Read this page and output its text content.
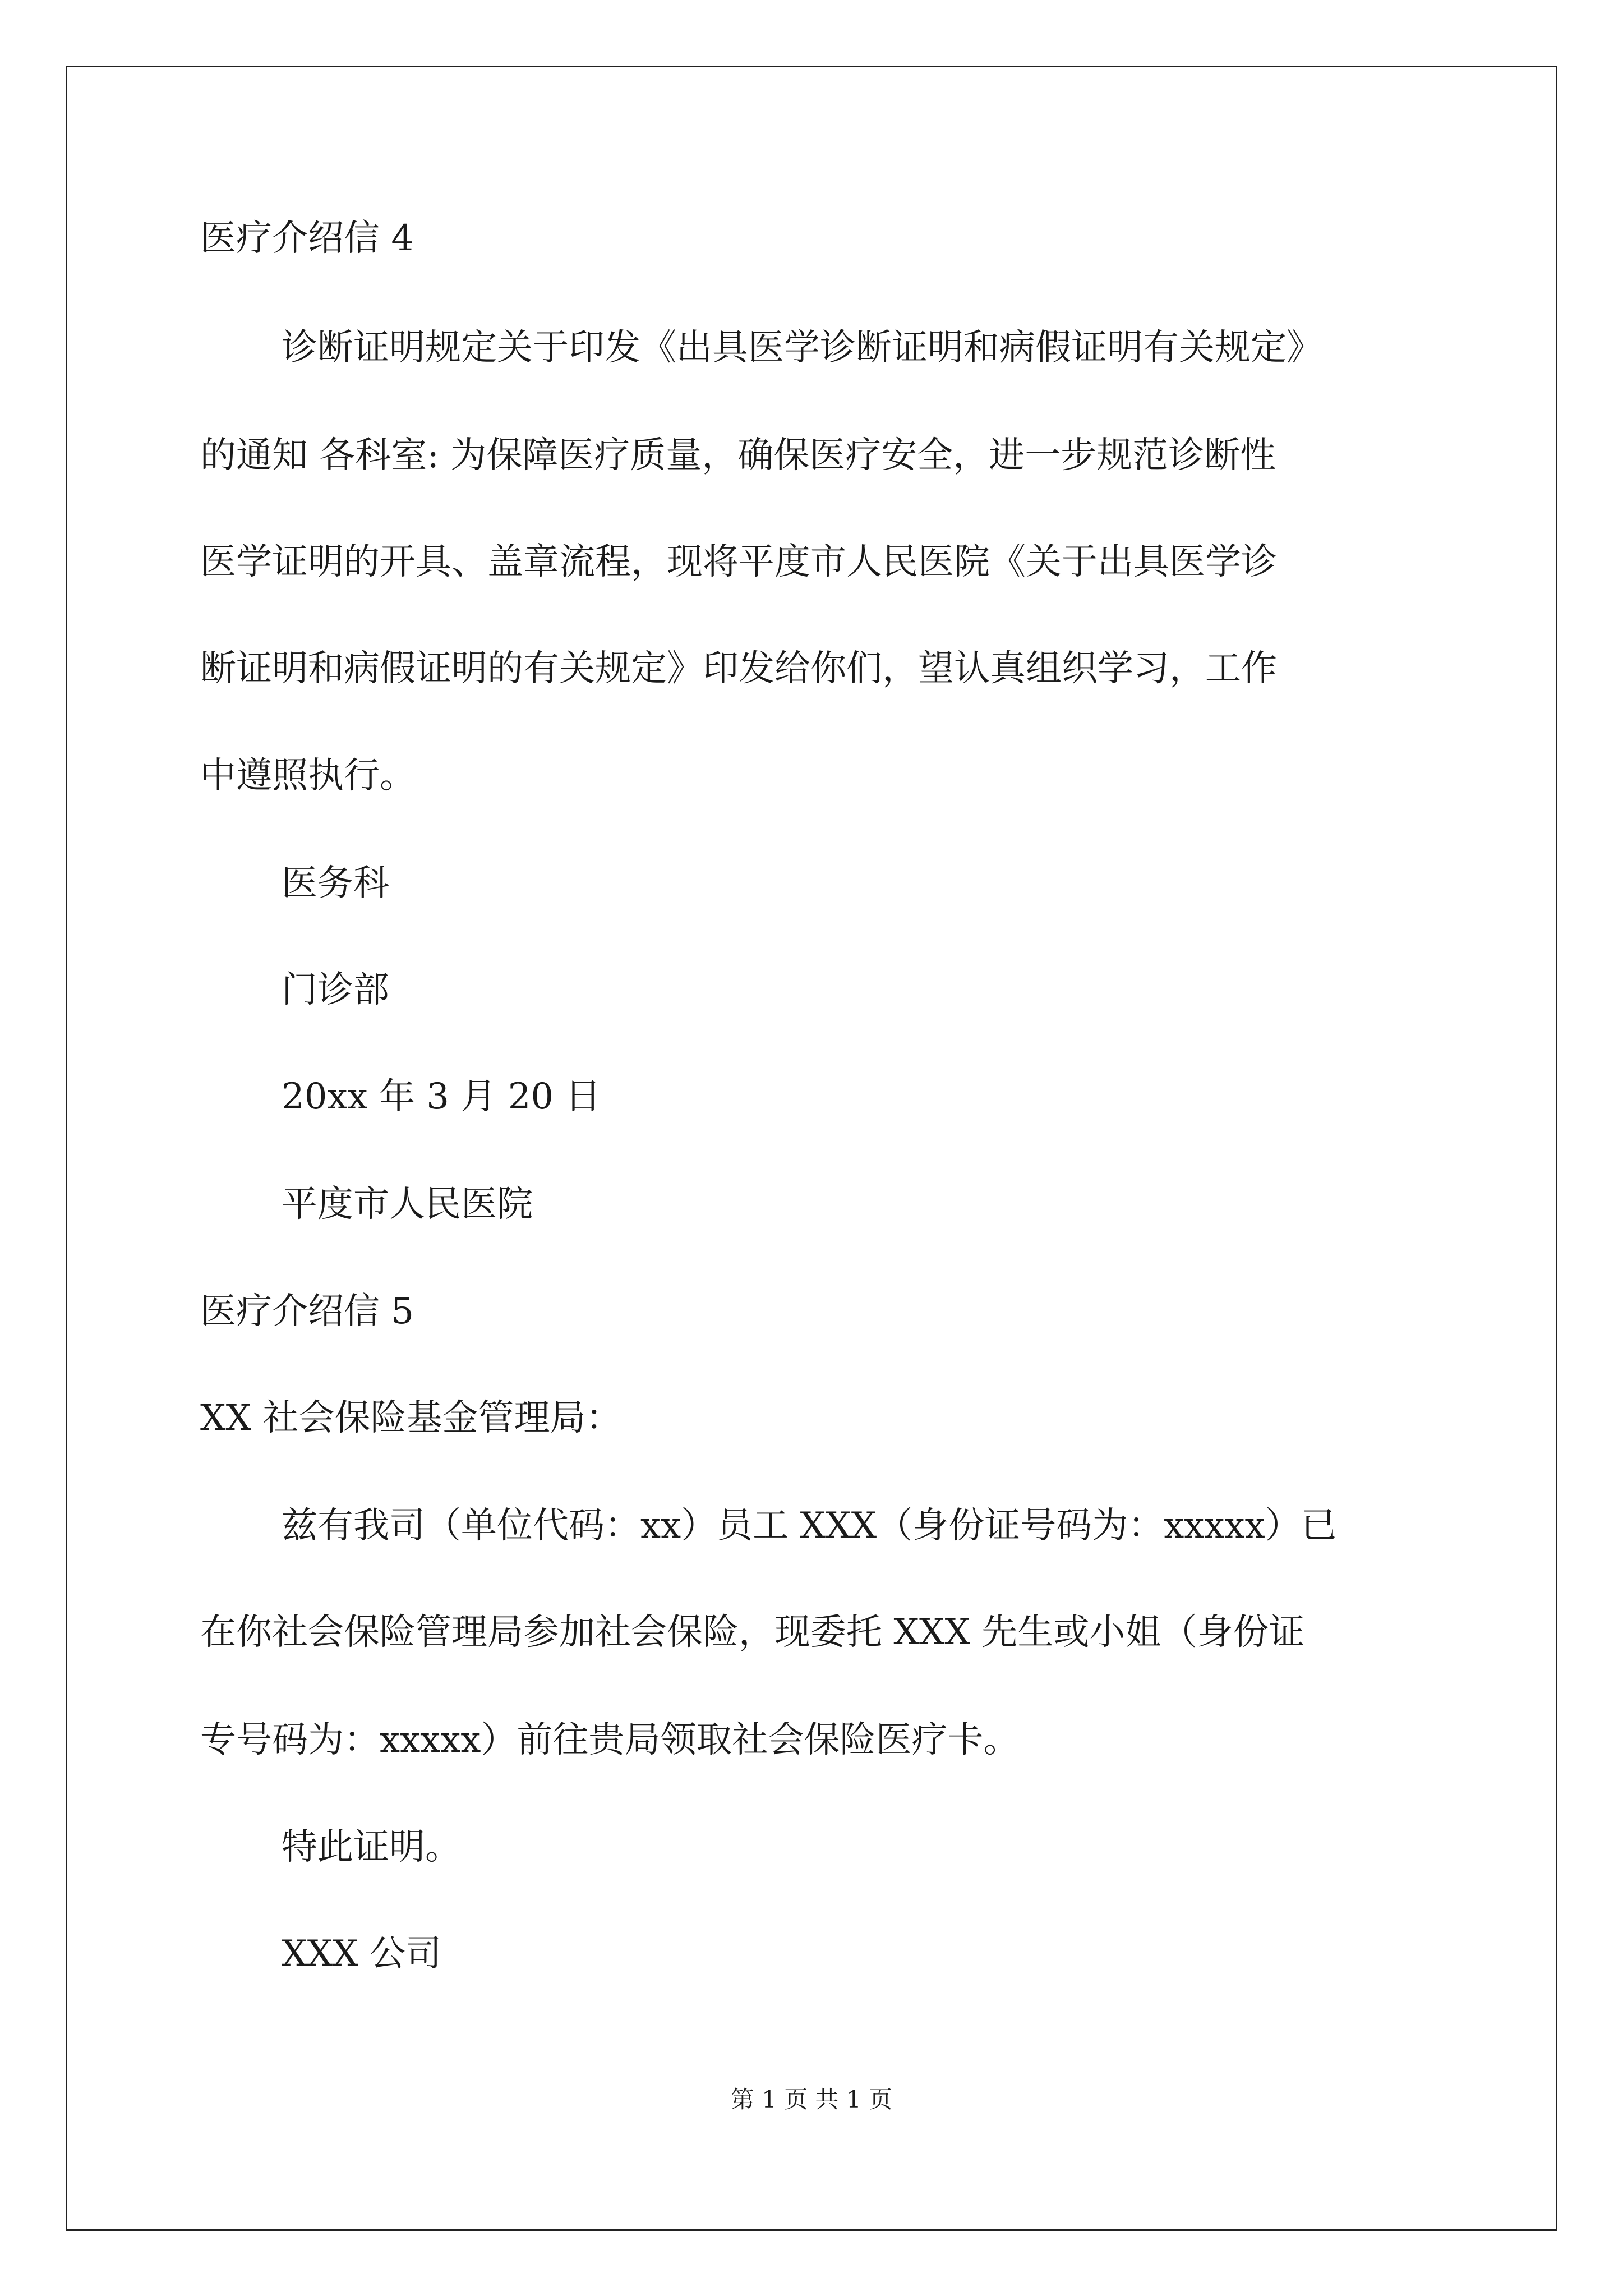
医疗介绍信 4
诊断证明规定关于印发《出具医学诊断证明和病假证明有关规定》
的通知 各科室: 为保障医疗质量，确保医疗安全，进一步规范诊断性
医学证明的开具、盖章流程，现将平度市人民医院《关于出具医学诊
断证明和病假证明的有关规定》印发给你们，望认真组织学习，工作
中遵照执行。
医务科
门诊部
20xx 年 3 月 20 日
平度市人民医院
医疗介绍信 5
XX 社会保险基金管理局：
兹有我司（单位代码：xx）员工 XXX（身份证号码为：xxxxx）已
在你社会保险管理局参加社会保险，现委托 XXX 先生或小姐（身份证
专号码为：xxxxx）前往贵局领取社会保险医疗卡。
特此证明。
XXX 公司
第 1 页 共 1 页
